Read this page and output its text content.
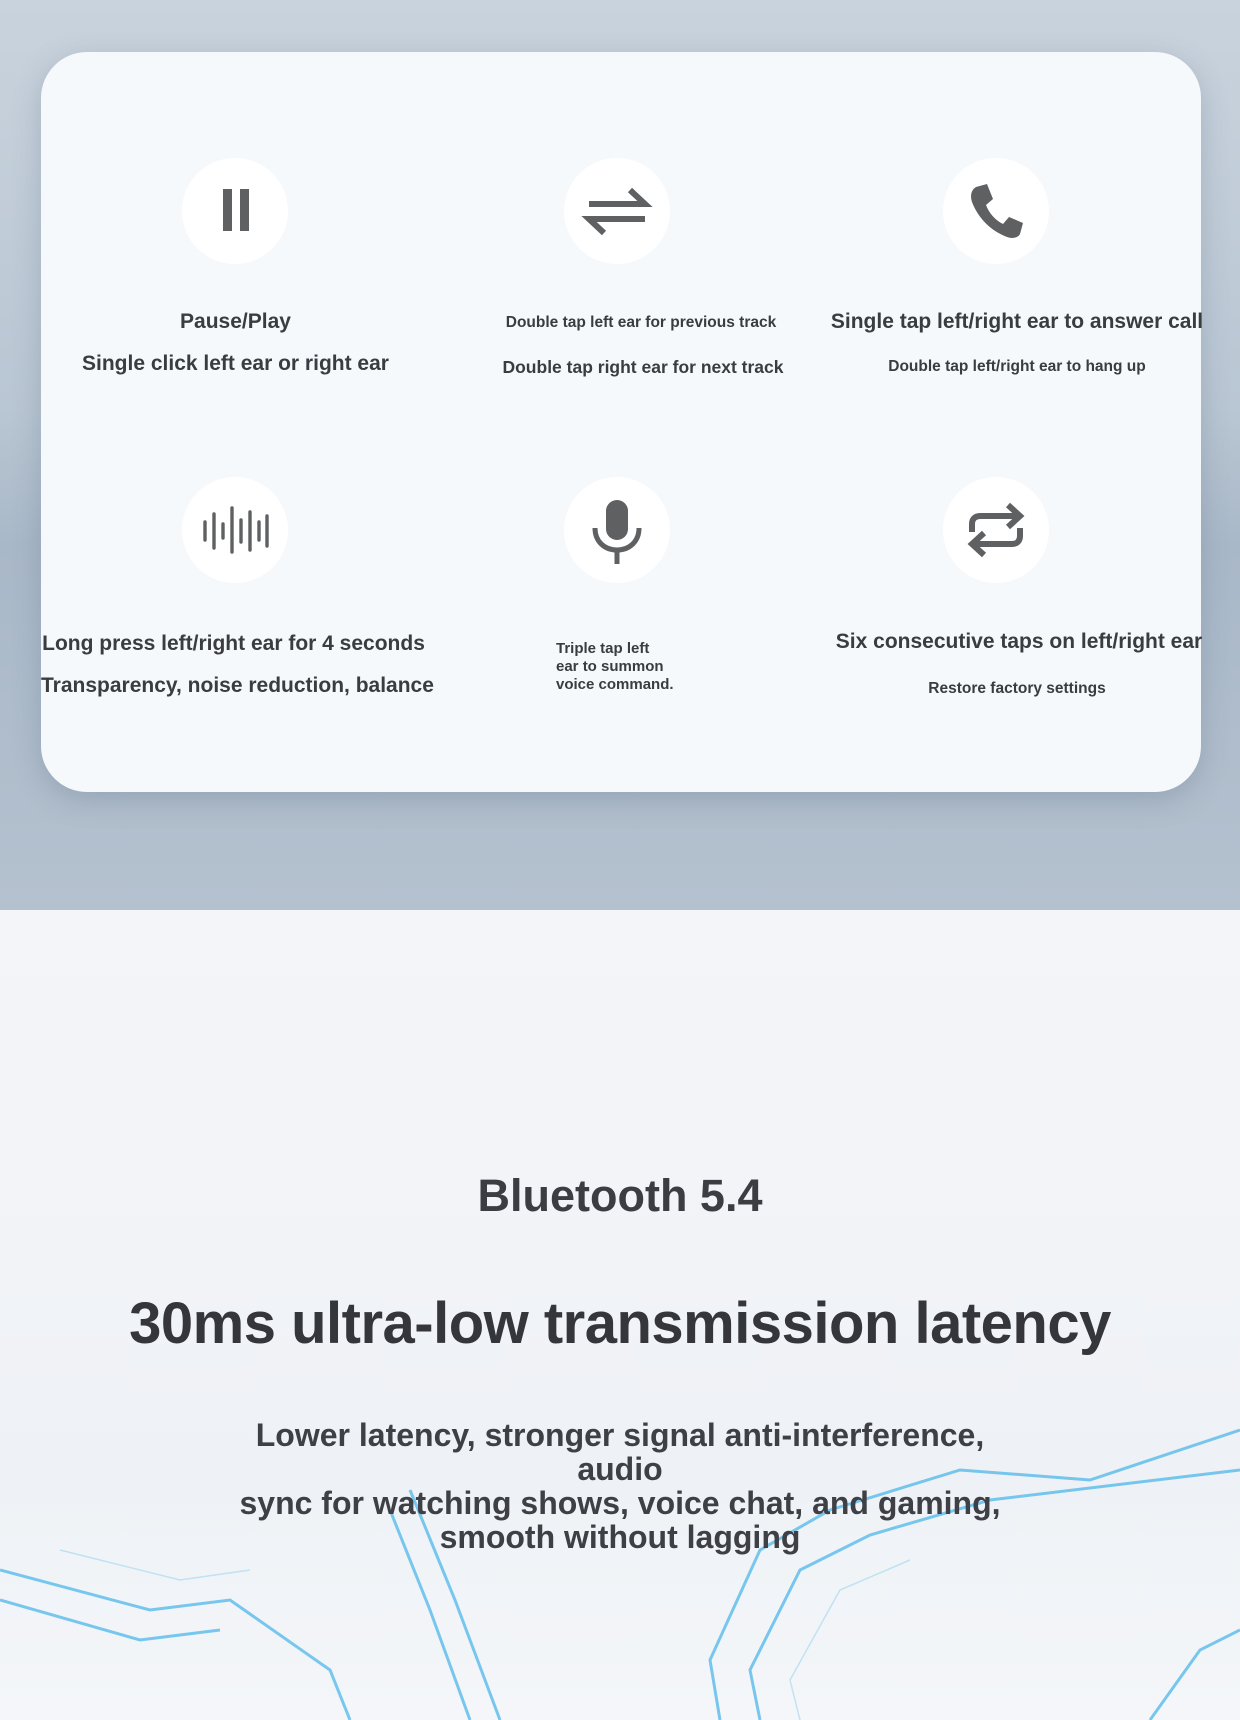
Pause/Play
Single click left ear or right ear
Double tap left ear for previous track
Double tap right ear for next track
Single tap left/right ear to answer call
Double tap left/right ear to hang up
Long press left/right ear for 4 seconds
Transparency, noise reduction, balance
Triple tap left
ear to summon
voice command.
Six consecutive taps on left/right ear
Restore factory settings
Bluetooth 5.4
30ms ultra-low transmission latency
Lower latency, stronger signal anti-interference, audio
sync for watching shows, voice chat, and gaming,
smooth without lagging
